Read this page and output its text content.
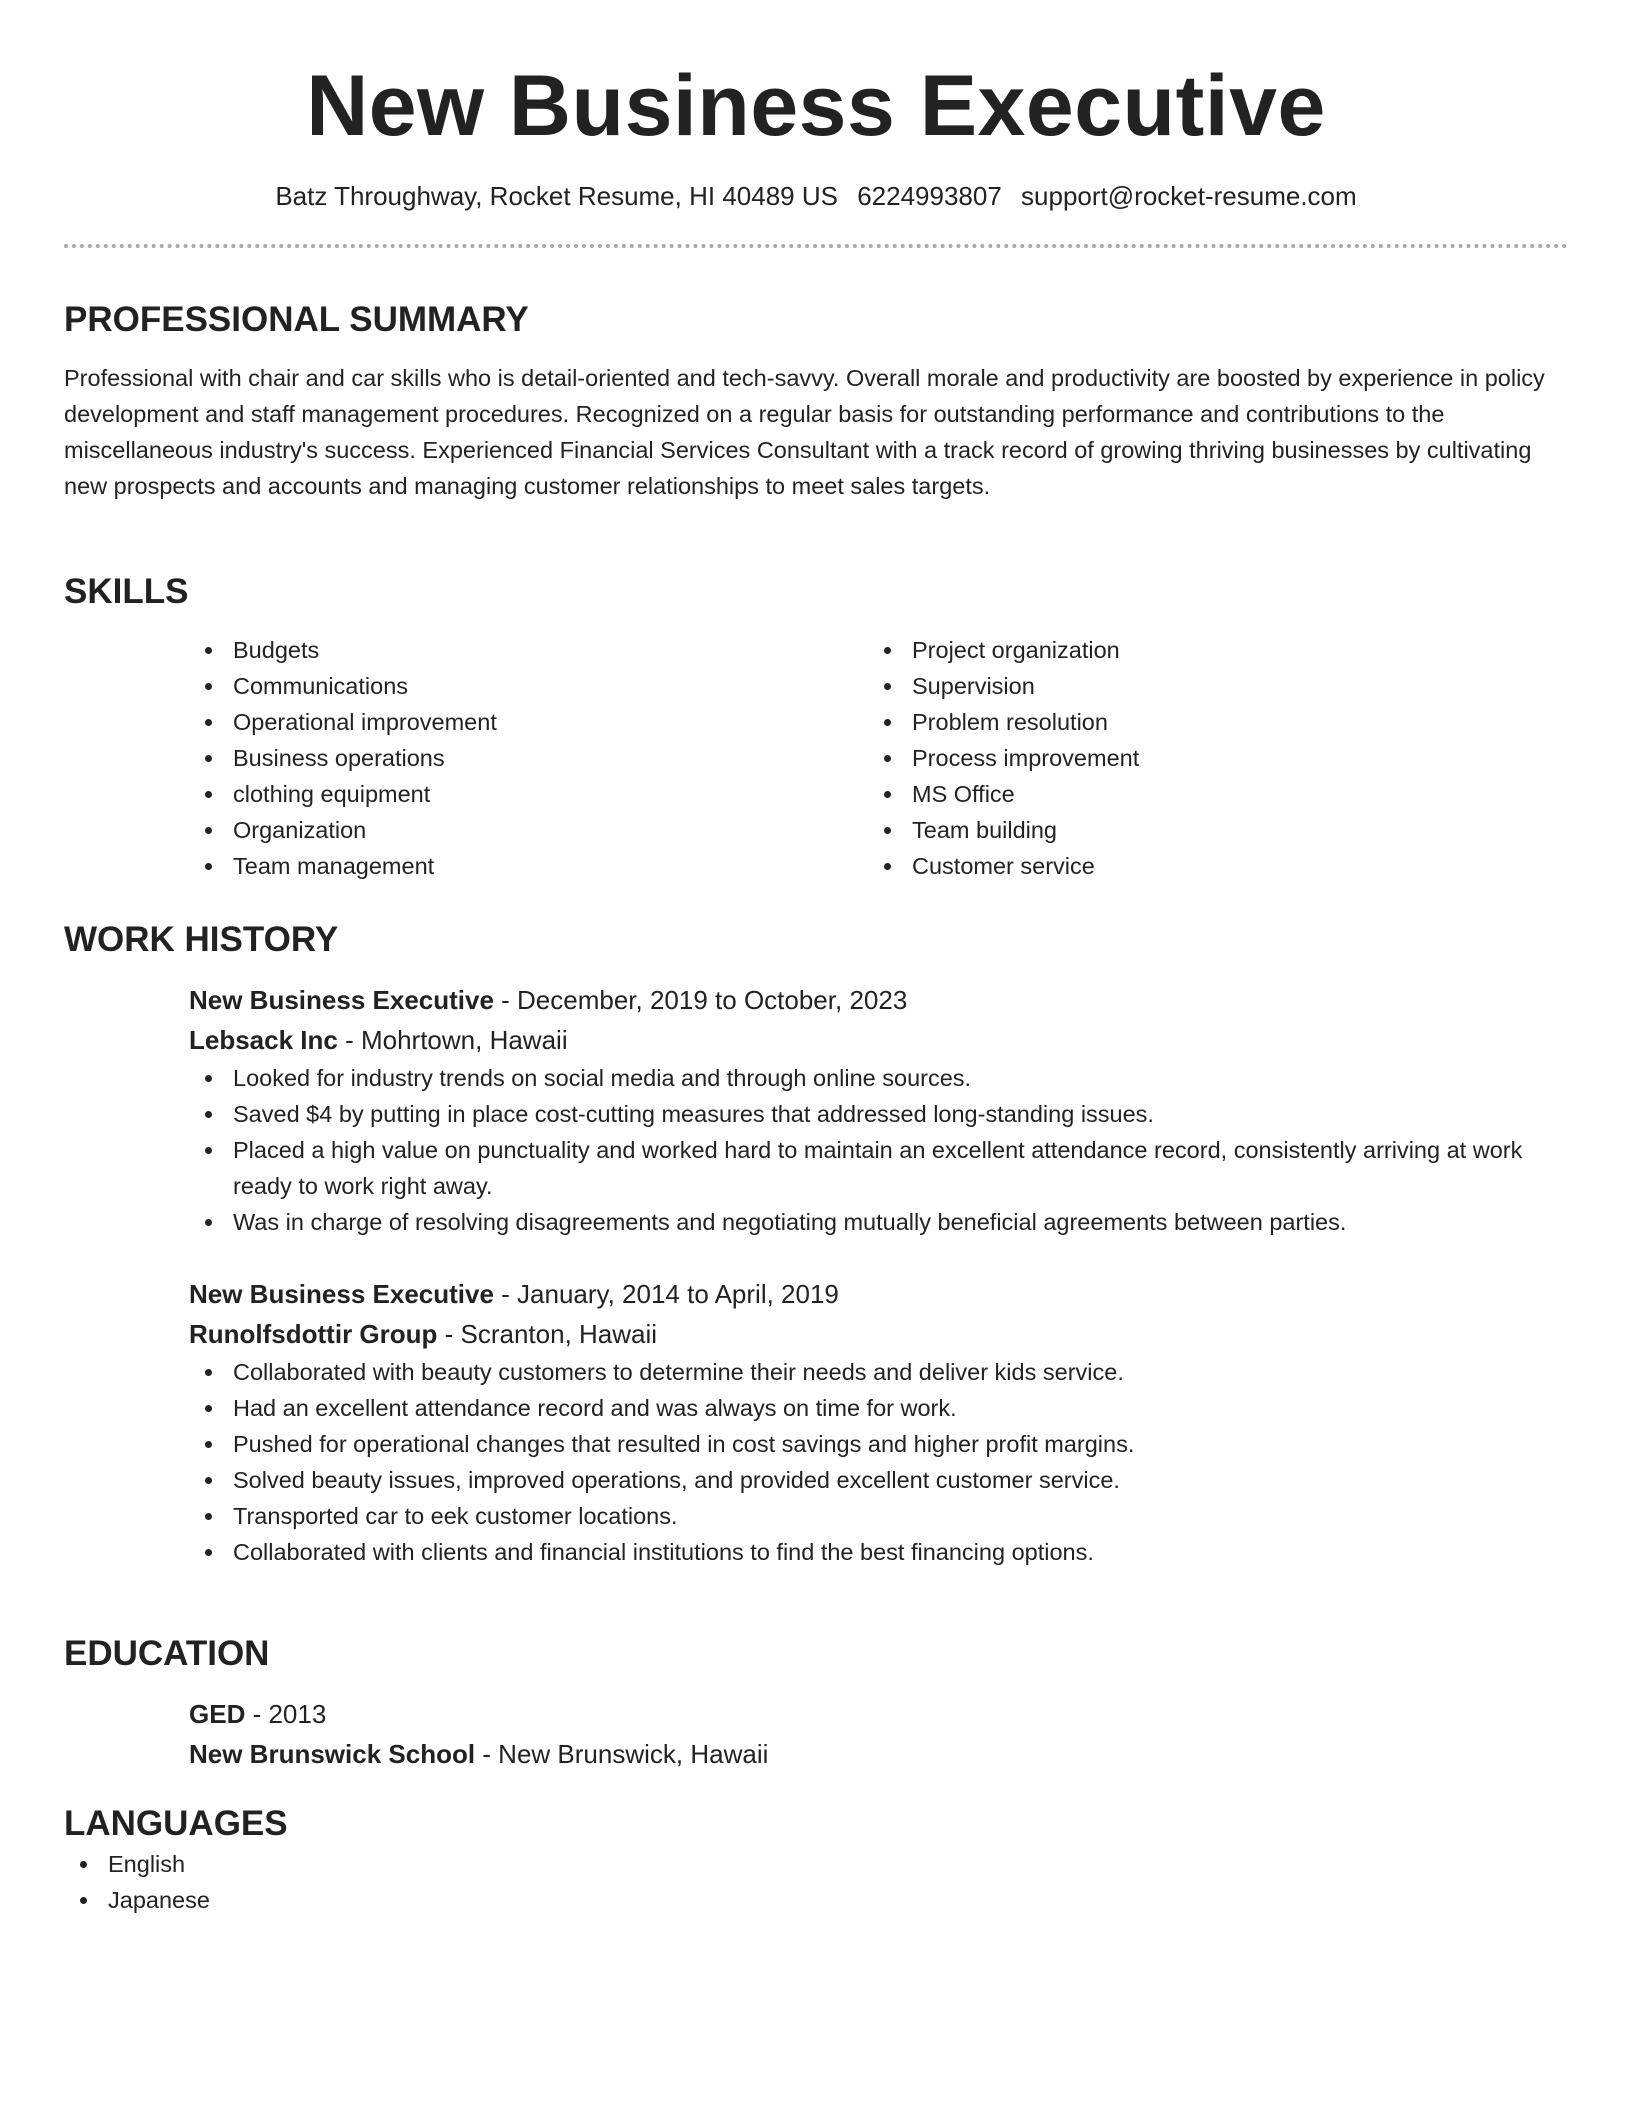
New Business Executive
Batz Throughway, Rocket Resume, HI 40489 US 6224993807 support@rocket-resume.com
PROFESSIONAL SUMMARY

Professional with chair and car skills who is detail-oriented and tech-savvy. Overall morale and productivity are boosted by experience in policy development and staff management procedures. Recognized on a regular basis for outstanding performance and contributions to the miscellaneous industry's success. Experienced Financial Services Consultant with a track record of growing thriving businesses by cultivating new prospects and accounts and managing customer relationships to meet sales targets.

SKILLS
Budgets
Communications
Operational improvement
Business operations
clothing equipment
Organization
Team management
Project organization
Supervision
Problem resolution
Process improvement
MS Office
Team building
Customer service
WORK HISTORY
New Business Executive - December, 2019 to October, 2023
Lebsack Inc - Mohrtown, Hawaii
Looked for industry trends on social media and through online sources.
Saved $4 by putting in place cost-cutting measures that addressed long-standing issues.
Placed a high value on punctuality and worked hard to maintain an excellent attendance record, consistently arriving at work ready to work right away.
Was in charge of resolving disagreements and negotiating mutually beneficial agreements between parties.
New Business Executive - January, 2014 to April, 2019
Runolfsdottir Group - Scranton, Hawaii
Collaborated with beauty customers to determine their needs and deliver kids service.
Had an excellent attendance record and was always on time for work.
Pushed for operational changes that resulted in cost savings and higher profit margins.
Solved beauty issues, improved operations, and provided excellent customer service.
Transported car to eek customer locations.
Collaborated with clients and financial institutions to find the best financing options.
EDUCATION
GED - 2013
New Brunswick School - New Brunswick, Hawaii
LANGUAGES
English
Japanese
